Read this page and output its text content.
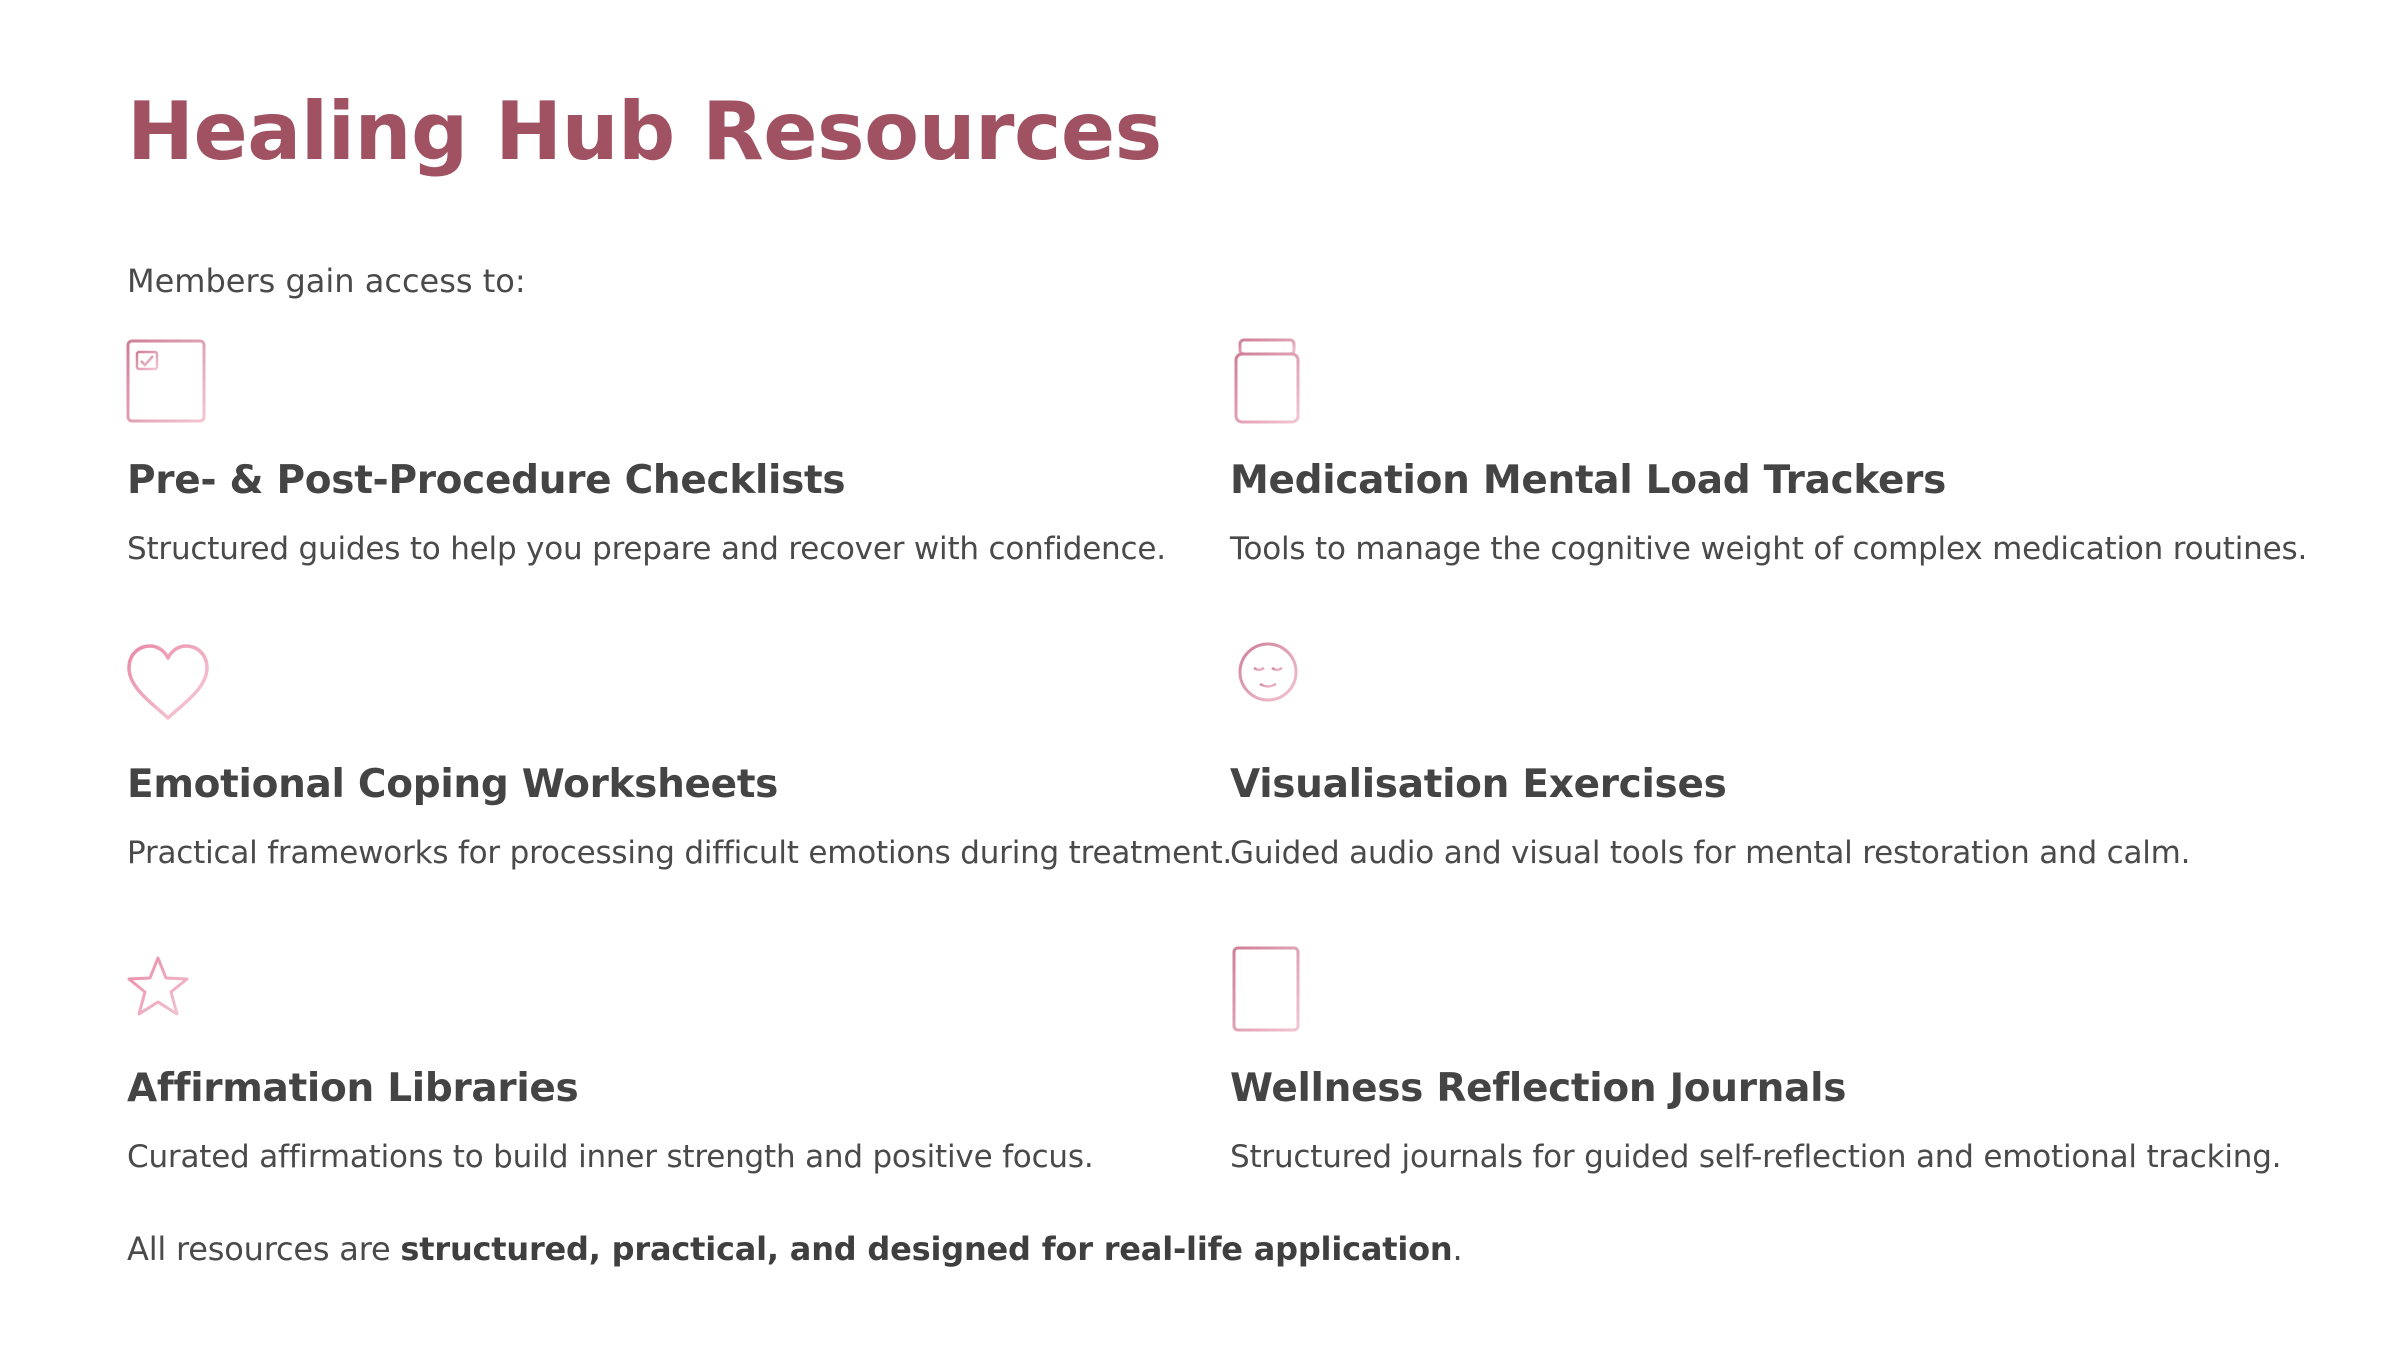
Healing Hub Resources

Members gain access to:

Pre- & Post-Procedure Checklists

Structured guides to help you prepare and recover with confidence.

Medication Mental Load Trackers

Tools to manage the cognitive weight of complex medication routines.

Emotional Coping Worksheets

Practical frameworks for processing difficult emotions during treatment.

Visualisation Exercises

Guided audio and visual tools for mental restoration and calm.

Affirmation Libraries

Curated affirmations to build inner strength and positive focus.

Wellness Reflection Journals

Structured journals for guided self-reflection and emotional tracking.

All resources are structured, practical, and designed for real-life application.
